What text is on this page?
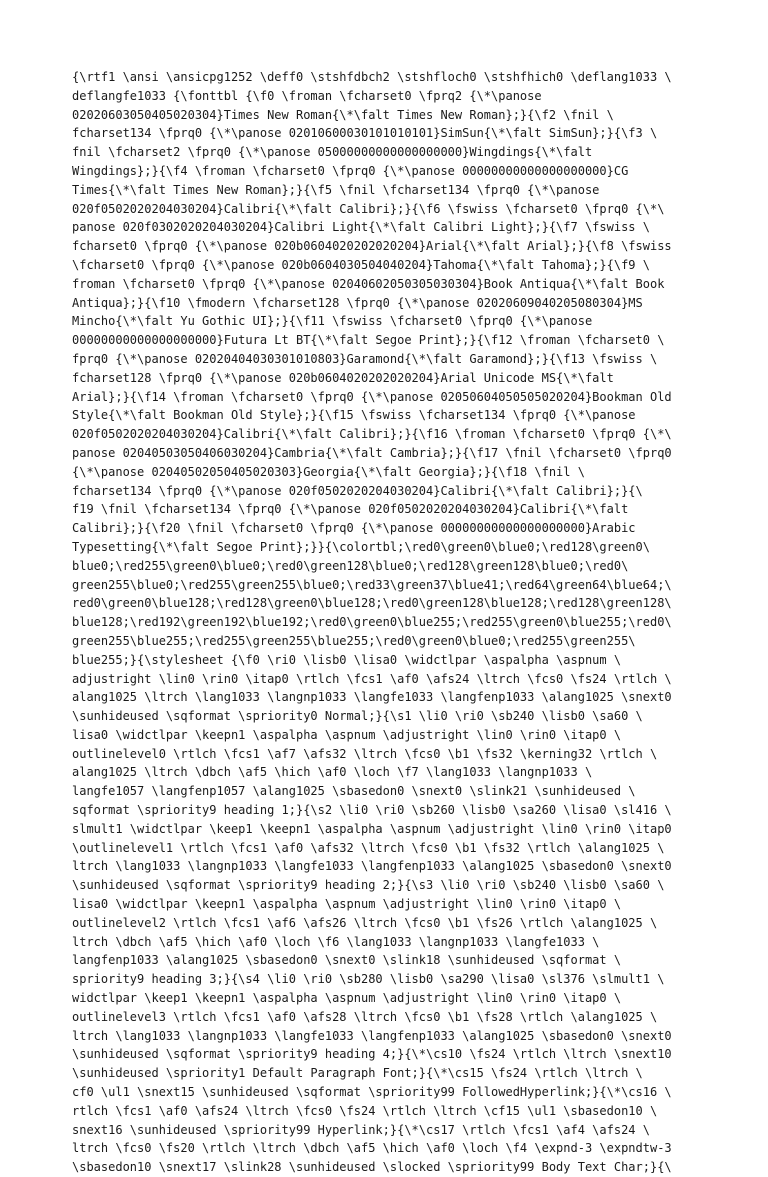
{\rtf1 \ansi \ansicpg1252 \deff0 \stshfdbch2 \stshfloch0 \stshfhich0 \deflang1033 \
deflangfe1033 {\fonttbl {\f0 \froman \fcharset0 \fprq2 {\*\panose
02020603050405020304}Times New Roman{\*\falt Times New Roman};}{\f2 \fnil \
fcharset134 \fprq0 {\*\panose 02010600030101010101}SimSun{\*\falt SimSun};}{\f3 \
fnil \fcharset2 \fprq0 {\*\panose 05000000000000000000}Wingdings{\*\falt
Wingdings};}{\f4 \froman \fcharset0 \fprq0 {\*\panose 00000000000000000000}CG
Times{\*\falt Times New Roman};}{\f5 \fnil \fcharset134 \fprq0 {\*\panose
020f0502020204030204}Calibri{\*\falt Calibri};}{\f6 \fswiss \fcharset0 \fprq0 {\*\
panose 020f0302020204030204}Calibri Light{\*\falt Calibri Light};}{\f7 \fswiss \
fcharset0 \fprq0 {\*\panose 020b0604020202020204}Arial{\*\falt Arial};}{\f8 \fswiss
\fcharset0 \fprq0 {\*\panose 020b0604030504040204}Tahoma{\*\falt Tahoma};}{\f9 \
froman \fcharset0 \fprq0 {\*\panose 02040602050305030304}Book Antiqua{\*\falt Book
Antiqua};}{\f10 \fmodern \fcharset128 \fprq0 {\*\panose 02020609040205080304}MS
Mincho{\*\falt Yu Gothic UI};}{\f11 \fswiss \fcharset0 \fprq0 {\*\panose
00000000000000000000}Futura Lt BT{\*\falt Segoe Print};}{\f12 \froman \fcharset0 \
fprq0 {\*\panose 02020404030301010803}Garamond{\*\falt Garamond};}{\f13 \fswiss \
fcharset128 \fprq0 {\*\panose 020b0604020202020204}Arial Unicode MS{\*\falt
Arial};}{\f14 \froman \fcharset0 \fprq0 {\*\panose 02050604050505020204}Bookman Old
Style{\*\falt Bookman Old Style};}{\f15 \fswiss \fcharset134 \fprq0 {\*\panose
020f0502020204030204}Calibri{\*\falt Calibri};}{\f16 \froman \fcharset0 \fprq0 {\*\
panose 02040503050406030204}Cambria{\*\falt Cambria};}{\f17 \fnil \fcharset0 \fprq0
{\*\panose 02040502050405020303}Georgia{\*\falt Georgia};}{\f18 \fnil \
fcharset134 \fprq0 {\*\panose 020f0502020204030204}Calibri{\*\falt Calibri};}{\
f19 \fnil \fcharset134 \fprq0 {\*\panose 020f0502020204030204}Calibri{\*\falt
Calibri};}{\f20 \fnil \fcharset0 \fprq0 {\*\panose 00000000000000000000}Arabic
Typesetting{\*\falt Segoe Print};}}{\colortbl;\red0\green0\blue0;\red128\green0\
blue0;\red255\green0\blue0;\red0\green128\blue0;\red128\green128\blue0;\red0\
green255\blue0;\red255\green255\blue0;\red33\green37\blue41;\red64\green64\blue64;\
red0\green0\blue128;\red128\green0\blue128;\red0\green128\blue128;\red128\green128\
blue128;\red192\green192\blue192;\red0\green0\blue255;\red255\green0\blue255;\red0\
green255\blue255;\red255\green255\blue255;\red0\green0\blue0;\red255\green255\
blue255;}{\stylesheet {\f0 \ri0 \lisb0 \lisa0 \widctlpar \aspalpha \aspnum \
adjustright \lin0 \rin0 \itap0 \rtlch \fcs1 \af0 \afs24 \ltrch \fcs0 \fs24 \rtlch \
alang1025 \ltrch \lang1033 \langnp1033 \langfe1033 \langfenp1033 \alang1025 \snext0
\sunhideused \sqformat \spriority0 Normal;}{\s1 \li0 \ri0 \sb240 \lisb0 \sa60 \
lisa0 \widctlpar \keepn1 \aspalpha \aspnum \adjustright \lin0 \rin0 \itap0 \
outlinelevel0 \rtlch \fcs1 \af7 \afs32 \ltrch \fcs0 \b1 \fs32 \kerning32 \rtlch \
alang1025 \ltrch \dbch \af5 \hich \af0 \loch \f7 \lang1033 \langnp1033 \
langfe1057 \langfenp1057 \alang1025 \sbasedon0 \snext0 \slink21 \sunhideused \
sqformat \spriority9 heading 1;}{\s2 \li0 \ri0 \sb260 \lisb0 \sa260 \lisa0 \sl416 \
slmult1 \widctlpar \keep1 \keepn1 \aspalpha \aspnum \adjustright \lin0 \rin0 \itap0
\outlinelevel1 \rtlch \fcs1 \af0 \afs32 \ltrch \fcs0 \b1 \fs32 \rtlch \alang1025 \
ltrch \lang1033 \langnp1033 \langfe1033 \langfenp1033 \alang1025 \sbasedon0 \snext0
\sunhideused \sqformat \spriority9 heading 2;}{\s3 \li0 \ri0 \sb240 \lisb0 \sa60 \
lisa0 \widctlpar \keepn1 \aspalpha \aspnum \adjustright \lin0 \rin0 \itap0 \
outlinelevel2 \rtlch \fcs1 \af6 \afs26 \ltrch \fcs0 \b1 \fs26 \rtlch \alang1025 \
ltrch \dbch \af5 \hich \af0 \loch \f6 \lang1033 \langnp1033 \langfe1033 \
langfenp1033 \alang1025 \sbasedon0 \snext0 \slink18 \sunhideused \sqformat \
spriority9 heading 3;}{\s4 \li0 \ri0 \sb280 \lisb0 \sa290 \lisa0 \sl376 \slmult1 \
widctlpar \keep1 \keepn1 \aspalpha \aspnum \adjustright \lin0 \rin0 \itap0 \
outlinelevel3 \rtlch \fcs1 \af0 \afs28 \ltrch \fcs0 \b1 \fs28 \rtlch \alang1025 \
ltrch \lang1033 \langnp1033 \langfe1033 \langfenp1033 \alang1025 \sbasedon0 \snext0
\sunhideused \sqformat \spriority9 heading 4;}{\*\cs10 \fs24 \rtlch \ltrch \snext10
\sunhideused \spriority1 Default Paragraph Font;}{\*\cs15 \fs24 \rtlch \ltrch \
cf0 \ul1 \snext15 \sunhideused \sqformat \spriority99 FollowedHyperlink;}{\*\cs16 \
rtlch \fcs1 \af0 \afs24 \ltrch \fcs0 \fs24 \rtlch \ltrch \cf15 \ul1 \sbasedon10 \
snext16 \sunhideused \spriority99 Hyperlink;}{\*\cs17 \rtlch \fcs1 \af4 \afs24 \
ltrch \fcs0 \fs20 \rtlch \ltrch \dbch \af5 \hich \af0 \loch \f4 \expnd-3 \expndtw-3
\sbasedon10 \snext17 \slink28 \sunhideused \slocked \spriority99 Body Text Char;}{\
